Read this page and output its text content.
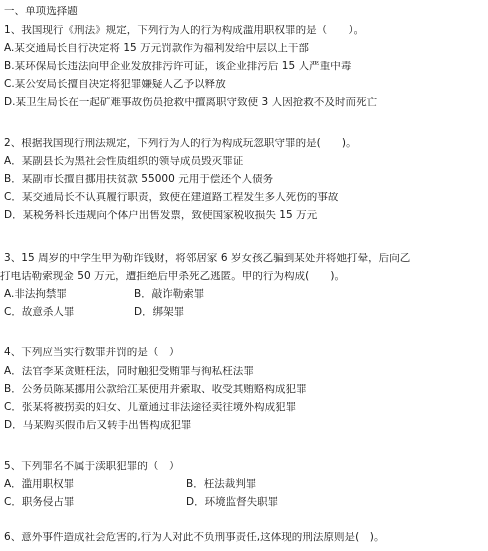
一、单项选择题
1、我国现行《刑法》规定，下列行为人的行为构成滥用职权罪的是（　　）。
A.某交通局长自行决定将 15 万元罚款作为福利发给中层以上干部
B.某环保局长违法向甲企业发放排污许可证，该企业排污后 15 人严重中毒
C.某公安局长擅自决定将犯罪嫌疑人乙予以释放
D.某卫生局长在一起矿难事故伤员抢救中擅离职守致使 3 人因抢救不及时而死亡
2、根据我国现行刑法规定，下列行为人的行为构成玩忽职守罪的是(　　)。
A．某副县长为黑社会性质组织的领导成员毁灭罪证
B．某副市长擅自挪用扶贫款 55000 元用于偿还个人债务
C．某交通局长不认真履行职责，致使在建道路工程发生多人死伤的事故
D．某税务科长违规向个体户出售发票，致使国家税收损失 15 万元
3、15 周岁的中学生甲为勒诈钱财，将邻居家 6 岁女孩乙骗到某处并将她打晕，后向乙
打电话勒索现金 50 万元，遭拒绝后甲杀死乙逃匿。甲的行为构成(　　)。
A.非法拘禁罪	B．敲诈勒索罪
C．故意杀人罪	D．绑架罪
4、下列应当实行数罪并罚的是（　）
A．法官李某贪赃枉法，同时触犯受贿罪与徇私枉法罪
B．公务员陈某挪用公款给江某使用并索取、收受其贿赂构成犯罪
C．张某将被拐卖的妇女、儿童通过非法途径卖往境外构成犯罪
D．马某购买假币后又转手出售构成犯罪
5、下列罪名不属于渎职犯罪的（　）
A．滥用职权罪	B．枉法裁判罪
C．职务侵占罪	D．环境监督失职罪
6、意外事件造成社会危害的,行为人对此不负刑事责任,这体现的刑法原则是(　)。
